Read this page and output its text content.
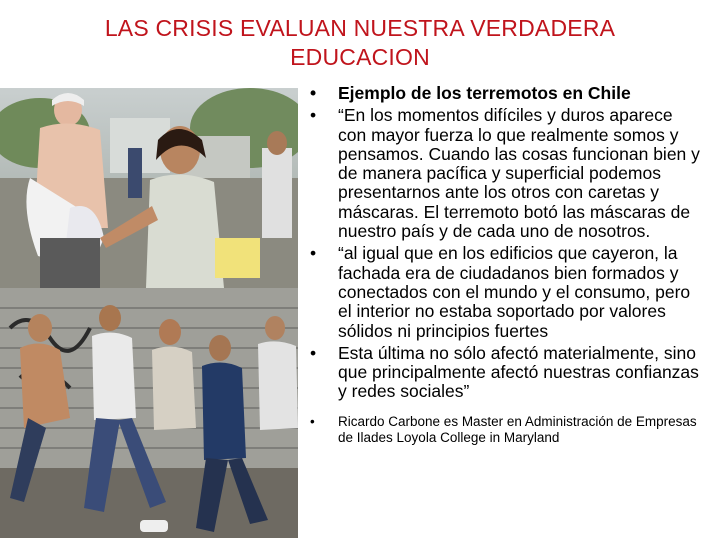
LAS CRISIS EVALUAN NUESTRA VERDADERA
EDUCACION
• Ejemplo de los terremotos en Chile
• “En los momentos difíciles y duros aparece con mayor fuerza lo que realmente somos y pensamos. Cuando las cosas funcionan bien y de manera pacífica y superficial podemos presentarnos ante los otros con caretas y máscaras. El terremoto botó las máscaras de nuestro país y de cada uno de nosotros.
• “al igual que en los edificios que cayeron, la fachada era de ciudadanos bien formados y conectados con el mundo y el consumo, pero el interior no estaba soportado por valores sólidos ni principios fuertes
• Esta última no sólo afectó materialmente, sino que principalmente afectó nuestras confianzas y redes sociales”
• Ricardo Carbone es Master en Administración de Empresas de Ilades Loyola College in Maryland
